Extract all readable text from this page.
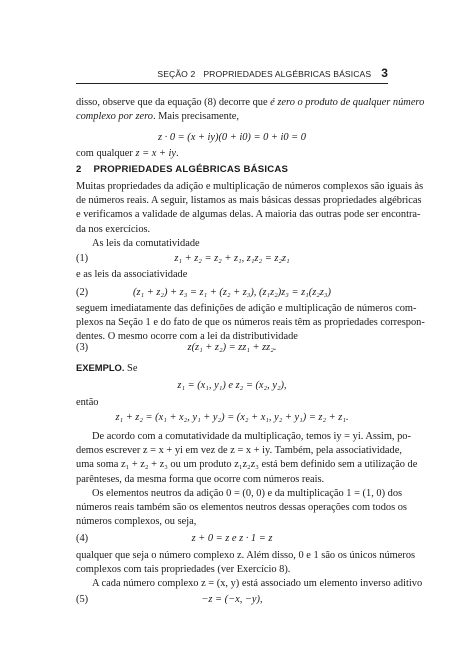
SEÇÃO 2 PROPRIEDADES ALGÉBRICAS BÁSICAS 3
disso, observe que da equação (8) decorre que é zero o produto de qualquer número
complexo por zero. Mais precisamente,
z · 0 = (x + iy)(0 + i0) = 0 + i0 = 0
com qualquer z = x + iy.
2 PROPRIEDADES ALGÉBRICAS BÁSICAS
Muitas propriedades da adição e multiplicação de números complexos são iguais às
de números reais. A seguir, listamos as mais básicas dessas propriedades algébricas
e verificamos a validade de algumas delas. A maioria das outras pode ser encontra-
da nos exercícios.
As leis da comutatividade
(1)	z₁ + z₂ = z₂ + z₁, z₁z₂ = z₂z₁
e as leis da associatividade
(2)	(z₁ + z₂) + z₃ = z₁ + (z₂ + z₃), (z₁z₂)z₃ = z₁(z₂z₃)
seguem imediatamente das definições de adição e multiplicação de números com-
plexos na Seção 1 e do fato de que os números reais têm as propriedades correspon-
dentes. O mesmo ocorre com a lei da distributividade
(3)	z(z₁ + z₂) = zz₁ + zz₂.
EXEMPLO. Se
z₁ = (x₁, y₁) e z₂ = (x₂, y₂),
então
z₁ + z₂ = (x₁ + x₂, y₁ + y₂) = (x₂ + x₁, y₂ + y₁) = z₂ + z₁.
De acordo com a comutatividade da multiplicação, temos iy = yi. Assim, po-
demos escrever z = x + yi em vez de z = x + iy. Também, pela associatividade,
uma soma z₁ + z₂ + z₃ ou um produto z₁z₂z₃ está bem definido sem a utilização de
parênteses, da mesma forma que ocorre com números reais.
Os elementos neutros da adição 0 = (0, 0) e da multiplicação 1 = (1, 0) dos
números reais também são os elementos neutros dessas operações com todos os
números complexos, ou seja,
(4)	z + 0 = z e z · 1 = z
qualquer que seja o número complexo z. Além disso, 0 e 1 são os únicos números
complexos com tais propriedades (ver Exercício 8).
A cada número complexo z = (x, y) está associado um elemento inverso aditivo
(5)	−z = (−x, −y),
